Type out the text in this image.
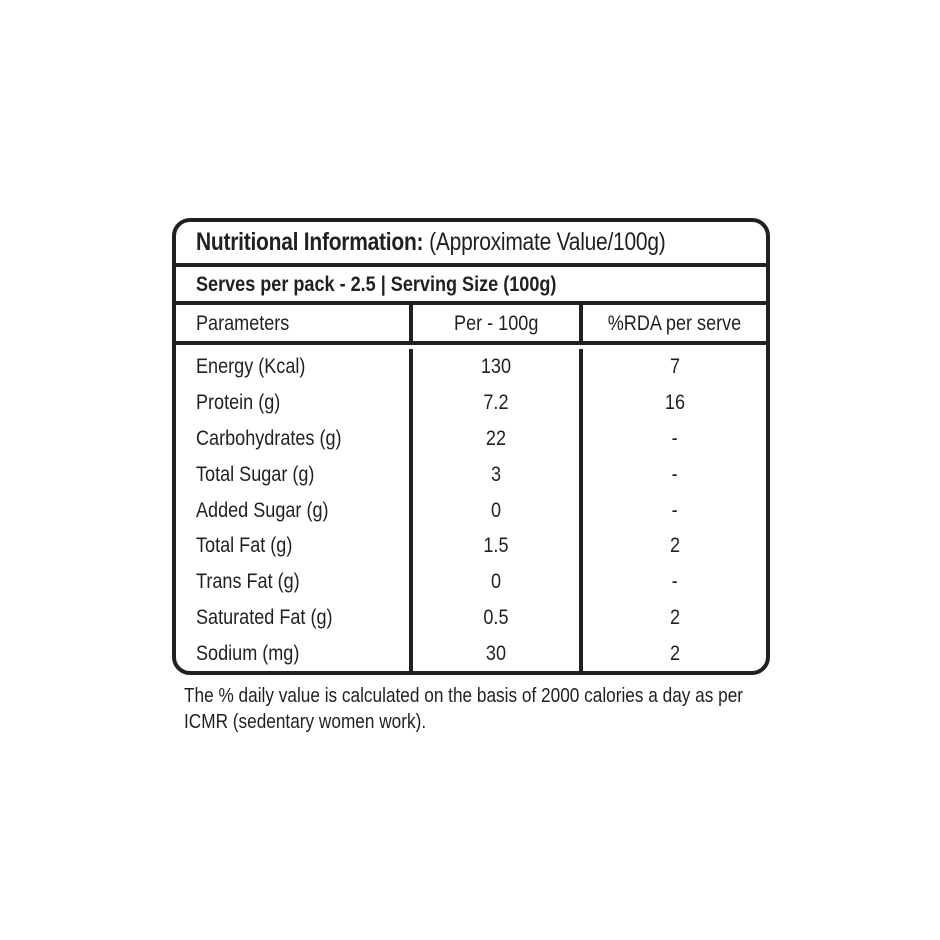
Nutritional Information: (Approximate Value/100g)
Serves per pack - 2.5 | Serving Size (100g)
Parameters	Per - 100g	%RDA per serve
Energy (Kcal)	130	7
Protein (g)	7.2	16
Carbohydrates (g)	22	-
Total Sugar (g)	3	-
Added Sugar (g)	0	-
Total Fat (g)	1.5	2
Trans Fat (g)	0	-
Saturated Fat (g)	0.5	2
Sodium (mg)	30	2
The % daily value is calculated on the basis of 2000 calories a day as per
ICMR (sedentary women work).
